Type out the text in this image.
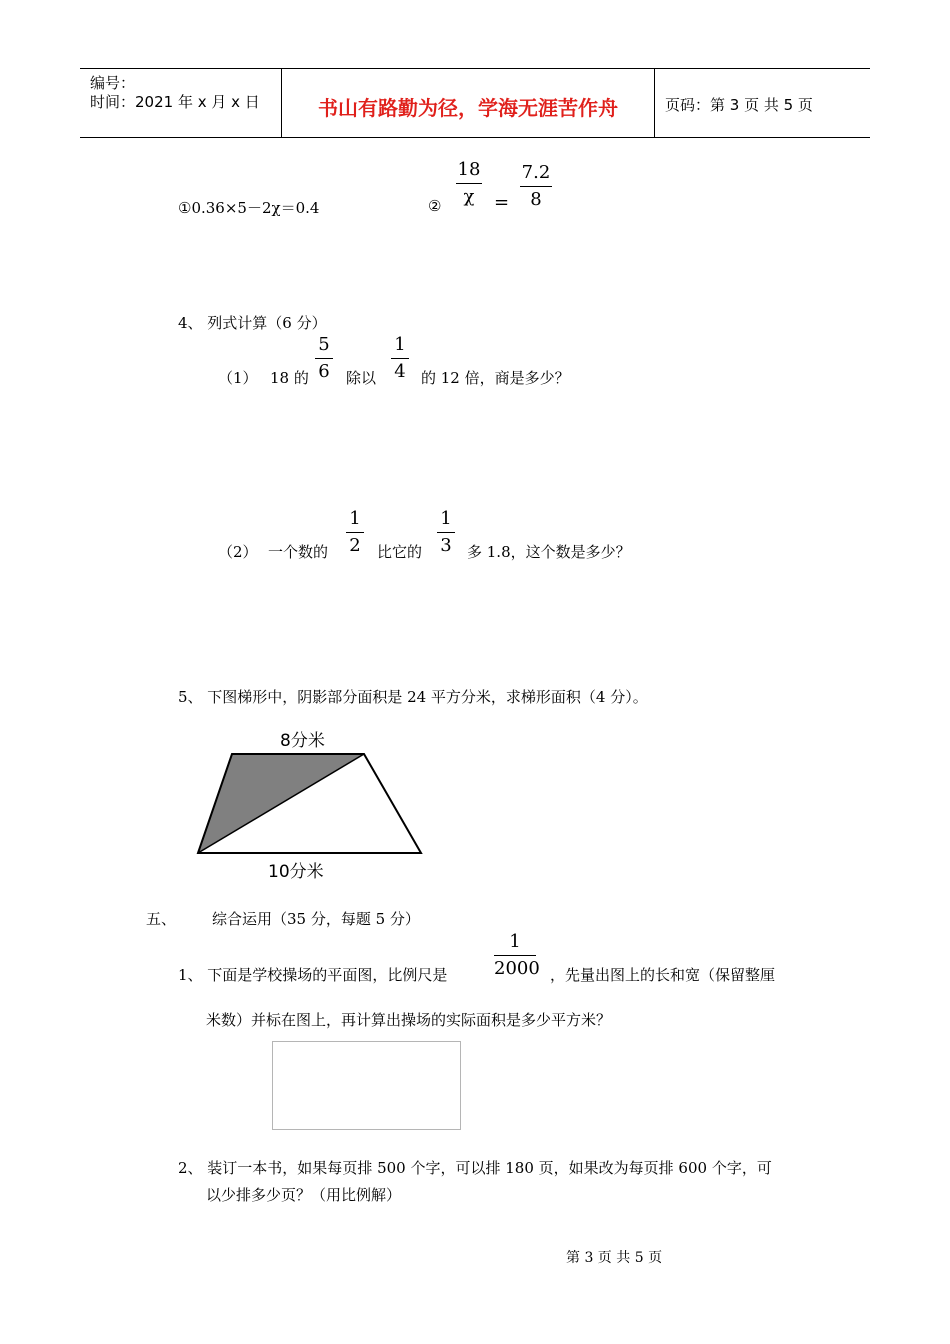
编号：
时间：2021 年 x 月 x 日	书山有路勤为径，学海无涯苦作舟	页码：第 3 页 共 5 页
①0.36×5－2χ＝0.4	②
18
χ	=
7.2
8
4、 列式计算（6 分）
（1） 18 的
5
6 除以
1
4 的 12 倍，商是多少？
（2） 一个数的
1
2 比它的
1
3 多 1.8，这个数是多少？
5、 下图梯形中，阴影部分面积是 24 平方分米，求梯形面积（4 分）。
8分米
10分米
五、 综合运用（35 分，每题 5 分）
1、 下面是学校操场的平面图，比例尺是
1
2000 ，先量出图上的长和宽（保留整厘
米数）并标在图上，再计算出操场的实际面积是多少平方米？
2、 装订一本书，如果每页排 500 个字，可以排 180 页，如果改为每页排 600 个字，可
以少排多少页？（用比例解）
第 3 页 共 5 页
